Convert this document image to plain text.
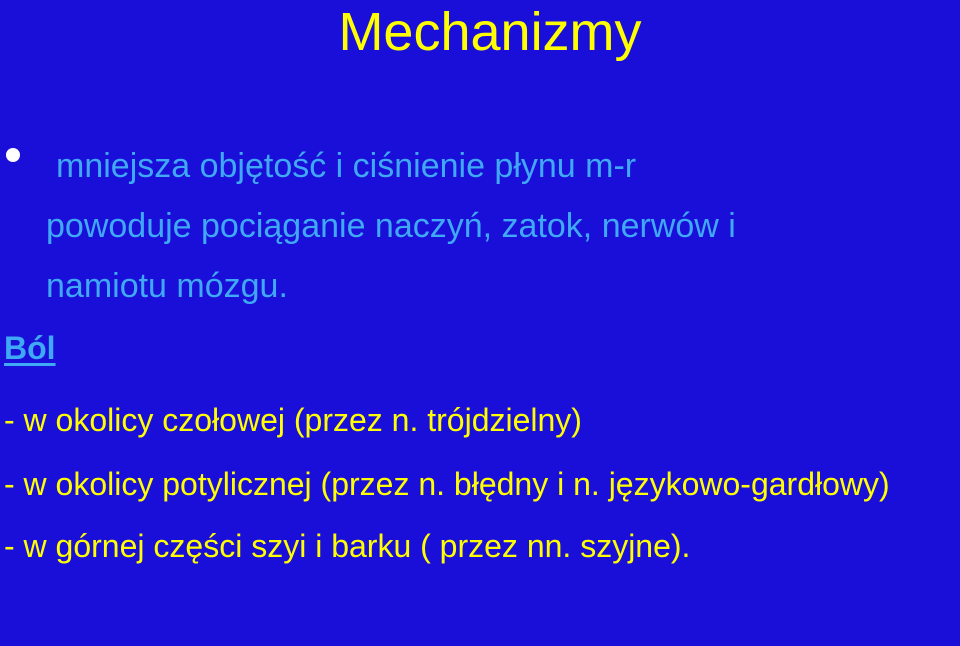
Mechanizmy
mniejsza objętość i ciśnienie płynu m-r
powoduje pociąganie naczyń, zatok, nerwów i
namiotu mózgu.
Ból
- w okolicy czołowej (przez n. trójdzielny)
- w okolicy potylicznej (przez n. błędny i n. językowo-gardłowy)
- w górnej części szyi i barku ( przez nn. szyjne).
